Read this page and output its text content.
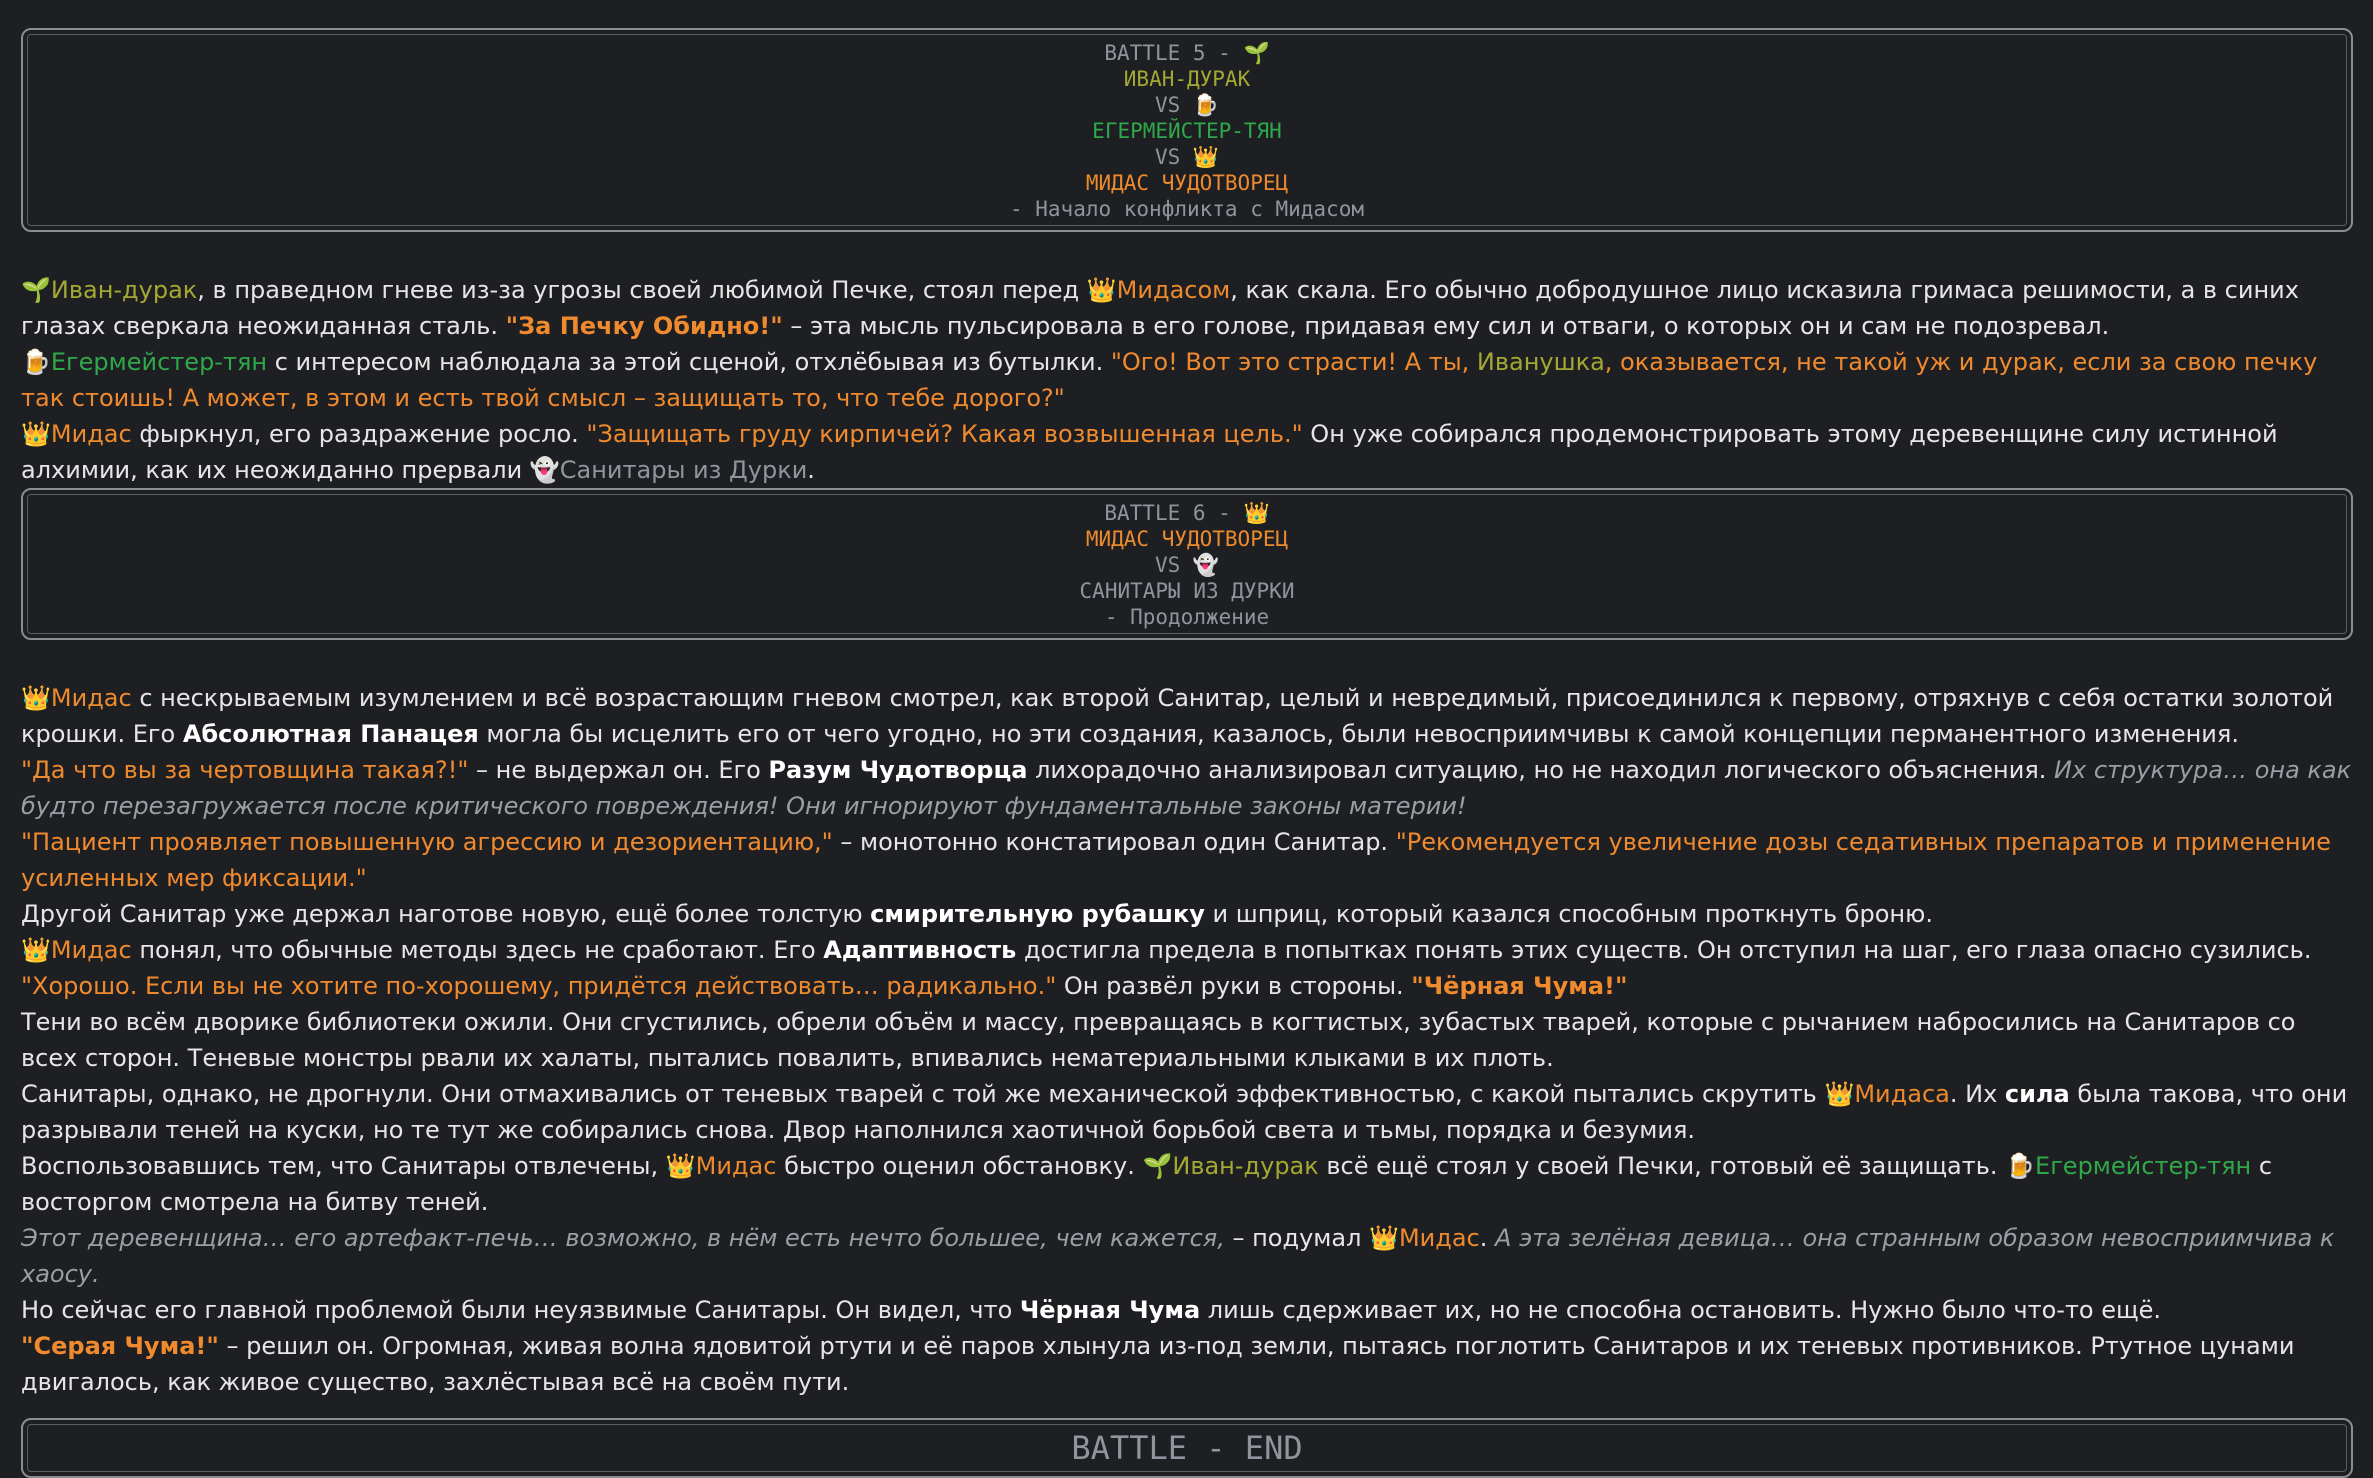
BATTLE 5 - 🌱
ИВАН-ДУРАК
VS 🍺
ЕГЕРМЕЙСТЕР-ТЯН
VS 👑
МИДАС ЧУДОТВОРЕЦ
- Начало конфликта с Мидасом

🌱Иван-дурак, в праведном гневе из-за угрозы своей любимой Печке, стоял перед 👑Мидасом, как скала. Его обычно добродушное лицо исказила гримаса решимости, а в синих глазах сверкала неожиданная сталь. "За Печку Обидно!" – эта мысль пульсировала в его голове, придавая ему сил и отваги, о которых он и сам не подозревал.

🍺Егермейстер-тян с интересом наблюдала за этой сценой, отхлёбывая из бутылки. "Ого! Вот это страсти! А ты, Иванушка, оказывается, не такой уж и дурак, если за свою печку так стоишь! А может, в этом и есть твой смысл – защищать то, что тебе дорого?"

👑Мидас фыркнул, его раздражение росло. "Защищать груду кирпичей? Какая возвышенная цель." Он уже собирался продемонстрировать этому деревенщине силу истинной алхимии, как их неожиданно прервали 👻Санитары из Дурки.

BATTLE 6 - 👑
МИДАС ЧУДОТВОРЕЦ
VS 👻
САНИТАРЫ ИЗ ДУРКИ
- Продолжение

👑Мидас с нескрываемым изумлением и всё возрастающим гневом смотрел, как второй Санитар, целый и невредимый, присоединился к первому, отряхнув с себя остатки золотой крошки. Его Абсолютная Панацея могла бы исцелить его от чего угодно, но эти создания, казалось, были невосприимчивы к самой концепции перманентного изменения.

"Да что вы за чертовщина такая?!" – не выдержал он. Его Разум Чудотворца лихорадочно анализировал ситуацию, но не находил логического объяснения. Их структура… она как будто перезагружается после критического повреждения! Они игнорируют фундаментальные законы материи!

"Пациент проявляет повышенную агрессию и дезориентацию," – монотонно констатировал один Санитар. "Рекомендуется увеличение дозы седативных препаратов и применение усиленных мер фиксации."

Другой Санитар уже держал наготове новую, ещё более толстую смирительную рубашку и шприц, который казался способным проткнуть броню.

👑Мидас понял, что обычные методы здесь не сработают. Его Адаптивность достигла предела в попытках понять этих существ. Он отступил на шаг, его глаза опасно сузились. "Хорошо. Если вы не хотите по-хорошему, придётся действовать… радикально." Он развёл руки в стороны. "Чёрная Чума!"

Тени во всём дворике библиотеки ожили. Они сгустились, обрели объём и массу, превращаясь в когтистых, зубастых тварей, которые с рычанием набросились на Санитаров со всех сторон. Теневые монстры рвали их халаты, пытались повалить, впивались нематериальными клыками в их плоть.

Санитары, однако, не дрогнули. Они отмахивались от теневых тварей с той же механической эффективностью, с какой пытались скрутить 👑Мидаса. Их сила была такова, что они разрывали теней на куски, но те тут же собирались снова. Двор наполнился хаотичной борьбой света и тьмы, порядка и безумия.

Воспользовавшись тем, что Санитары отвлечены, 👑Мидас быстро оценил обстановку. 🌱Иван-дурак всё ещё стоял у своей Печки, готовый её защищать. 🍺Егермейстер-тян с восторгом смотрела на битву теней.

Этот деревенщина… его артефакт-печь… возможно, в нём есть нечто большее, чем кажется, – подумал 👑Мидас. А эта зелёная девица… она странным образом невосприимчива к хаосу.

Но сейчас его главной проблемой были неуязвимые Санитары. Он видел, что Чёрная Чума лишь сдерживает их, но не способна остановить. Нужно было что-то ещё.

"Серая Чума!" – решил он. Огромная, живая волна ядовитой ртути и её паров хлынула из-под земли, пытаясь поглотить Санитаров и их теневых противников. Ртутное цунами двигалось, как живое существо, захлёстывая всё на своём пути.

BATTLE - END
